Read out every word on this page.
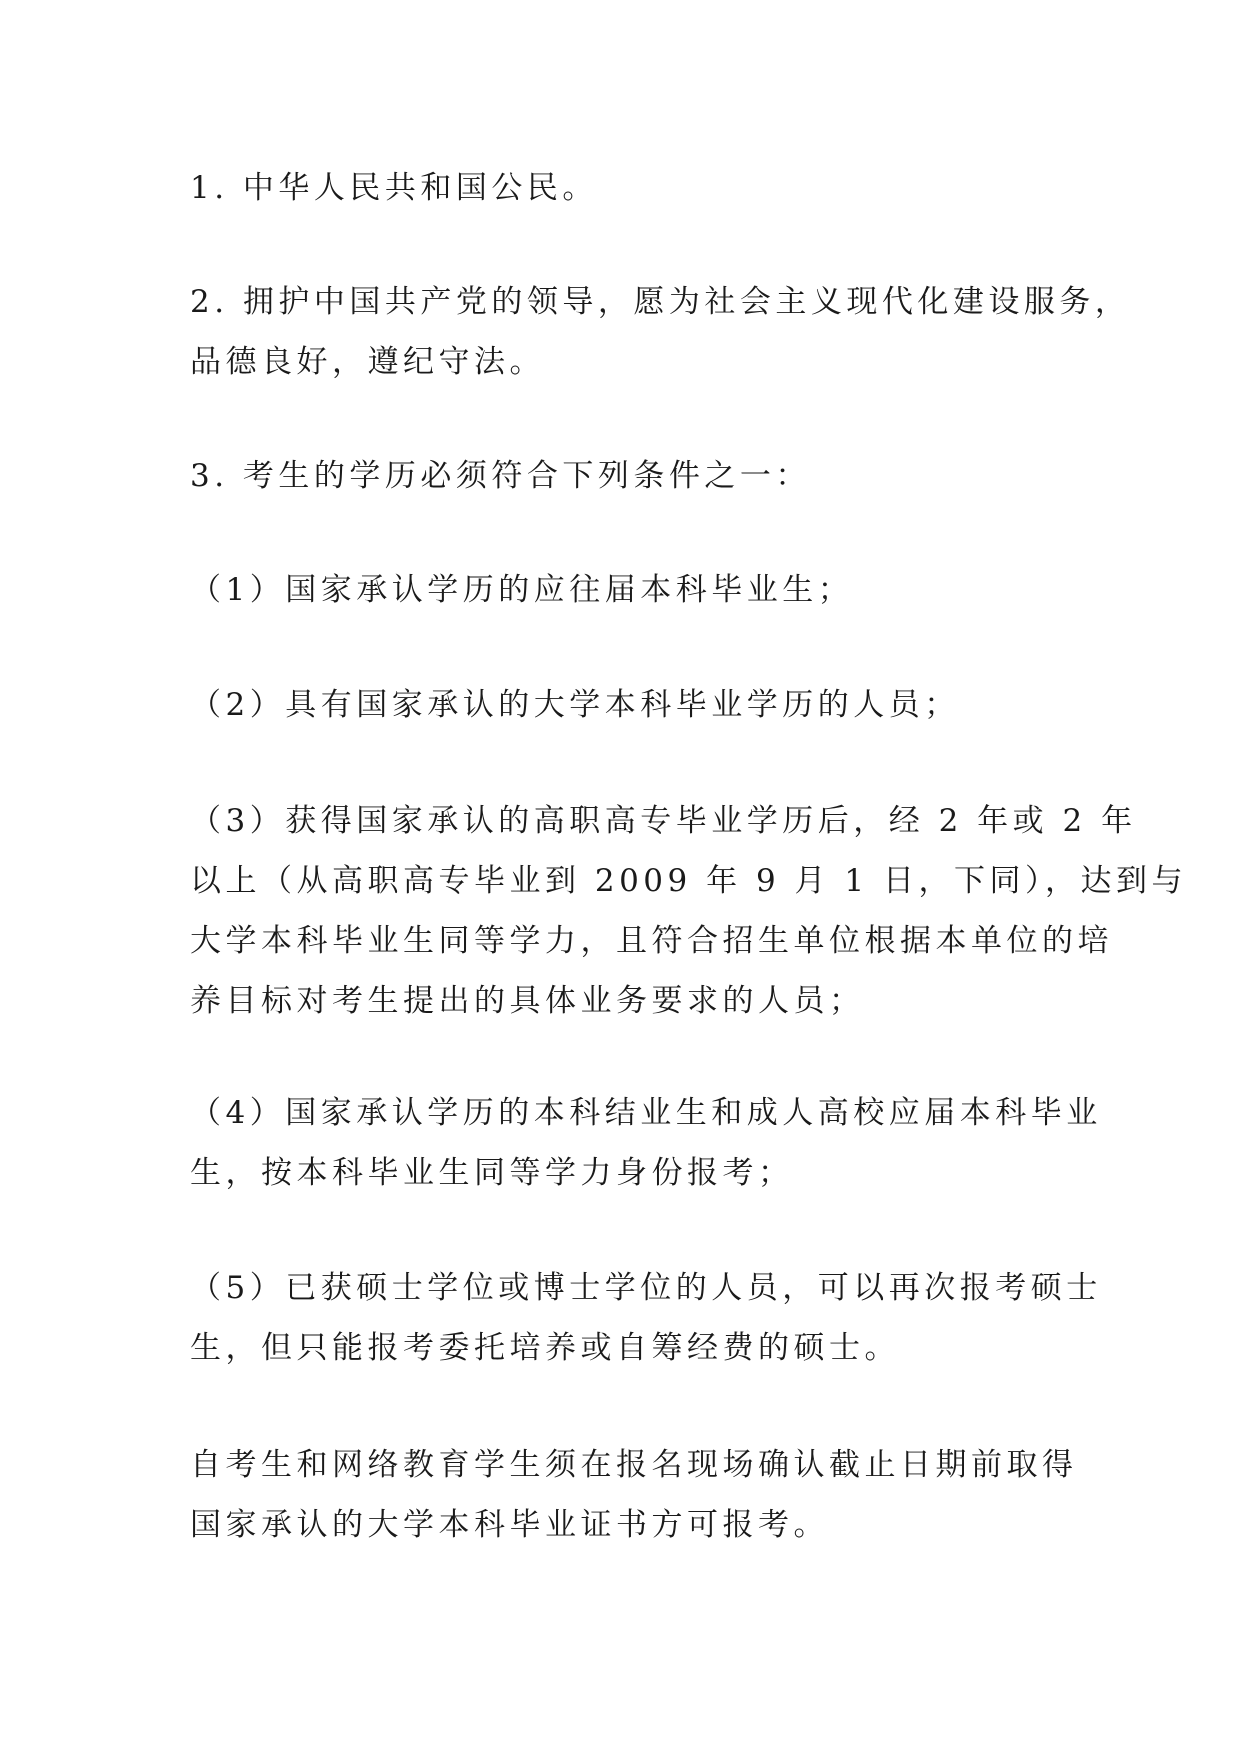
1. 中华人民共和国公民。
2. 拥护中国共产党的领导，愿为社会主义现代化建设服务，
品德良好，遵纪守法。
3. 考生的学历必须符合下列条件之一：
（1）国家承认学历的应往届本科毕业生；
（2）具有国家承认的大学本科毕业学历的人员；
（3）获得国家承认的高职高专毕业学历后，经 2 年或 2 年
以上（从高职高专毕业到 2009 年 9 月 1 日，下同），达到与
大学本科毕业生同等学力，且符合招生单位根据本单位的培
养目标对考生提出的具体业务要求的人员；
（4）国家承认学历的本科结业生和成人高校应届本科毕业
生，按本科毕业生同等学力身份报考；
（5）已获硕士学位或博士学位的人员，可以再次报考硕士
生，但只能报考委托培养或自筹经费的硕士。
自考生和网络教育学生须在报名现场确认截止日期前取得
国家承认的大学本科毕业证书方可报考。
